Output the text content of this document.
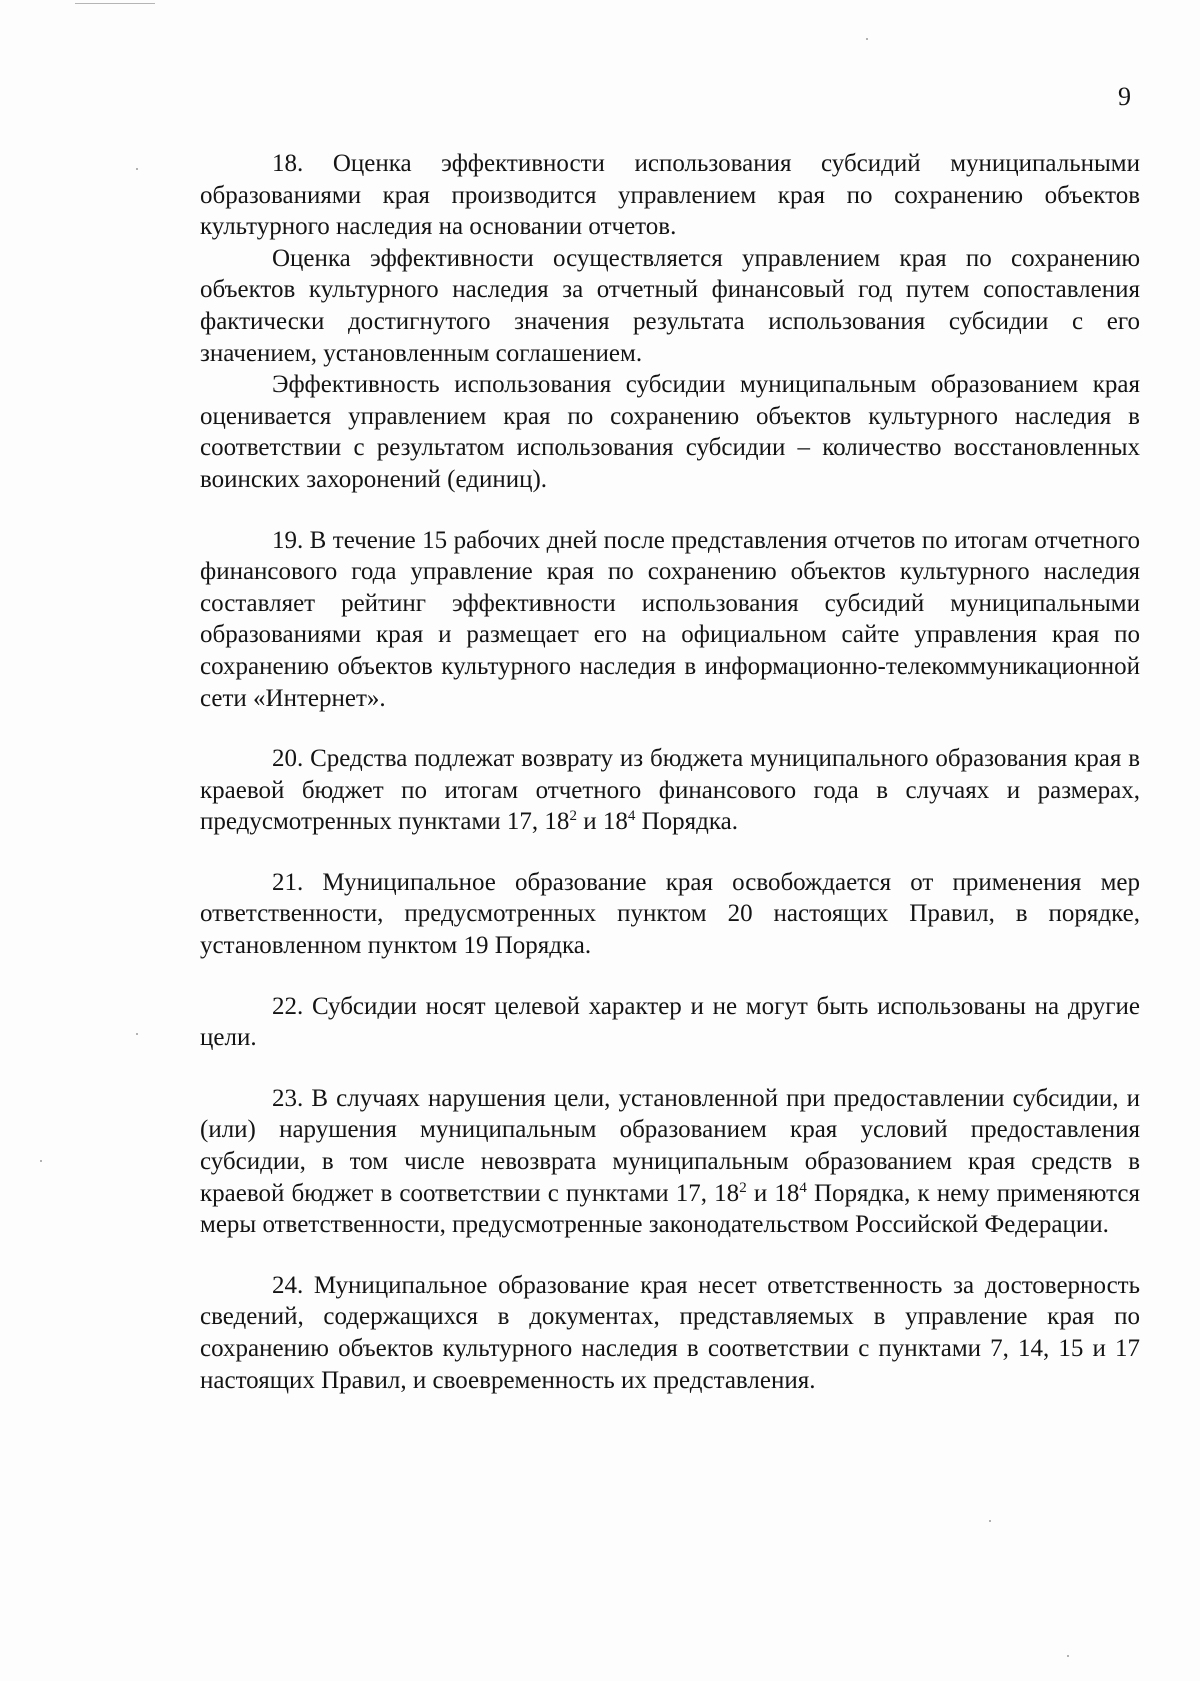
9

18. Оценка эффективности использования субсидий муниципальными образованиями края производится управлением края по сохранению объектов культурного наследия на основании отчетов.

Оценка эффективности осуществляется управлением края по сохранению объектов культурного наследия за отчетный финансовый год путем сопоставления фактически достигнутого значения результата использования субсидии с его значением, установленным соглашением.

Эффективность использования субсидии муниципальным образованием края оценивается управлением края по сохранению объектов культурного наследия в соответствии с результатом использования субсидии – количество восстановленных воинских захоронений (единиц).

19. В течение 15 рабочих дней после представления отчетов по итогам отчетного финансового года управление края по сохранению объектов культурного наследия составляет рейтинг эффективности использования субсидий муниципальными образованиями края и размещает его на официальном сайте управления края по сохранению объектов культурного наследия в информационно-телекоммуникационной сети «Интернет».

20. Средства подлежат возврату из бюджета муниципального образования края в краевой бюджет по итогам отчетного финансового года в случаях и размерах, предусмотренных пунктами 17, $18^2$ и $18^4$ Порядка.

21. Муниципальное образование края освобождается от применения мер ответственности, предусмотренных пунктом 20 настоящих Правил, в порядке, установленном пунктом 19 Порядка.

22. Субсидии носят целевой характер и не могут быть использованы на другие цели.

23. В случаях нарушения цели, установленной при предоставлении субсидии, и (или) нарушения муниципальным образованием края условий предоставления субсидии, в том числе невозврата муниципальным образованием края средств в краевой бюджет в соответствии с пунктами 17, $18^2$ и $18^4$ Порядка, к нему применяются меры ответственности, предусмотренные законодательством Российской Федерации.

24. Муниципальное образование края несет ответственность за достоверность сведений, содержащихся в документах, представляемых в управление края по сохранению объектов культурного наследия в соответствии с пунктами 7, 14, 15 и 17 настоящих Правил, и своевременность их представления.
